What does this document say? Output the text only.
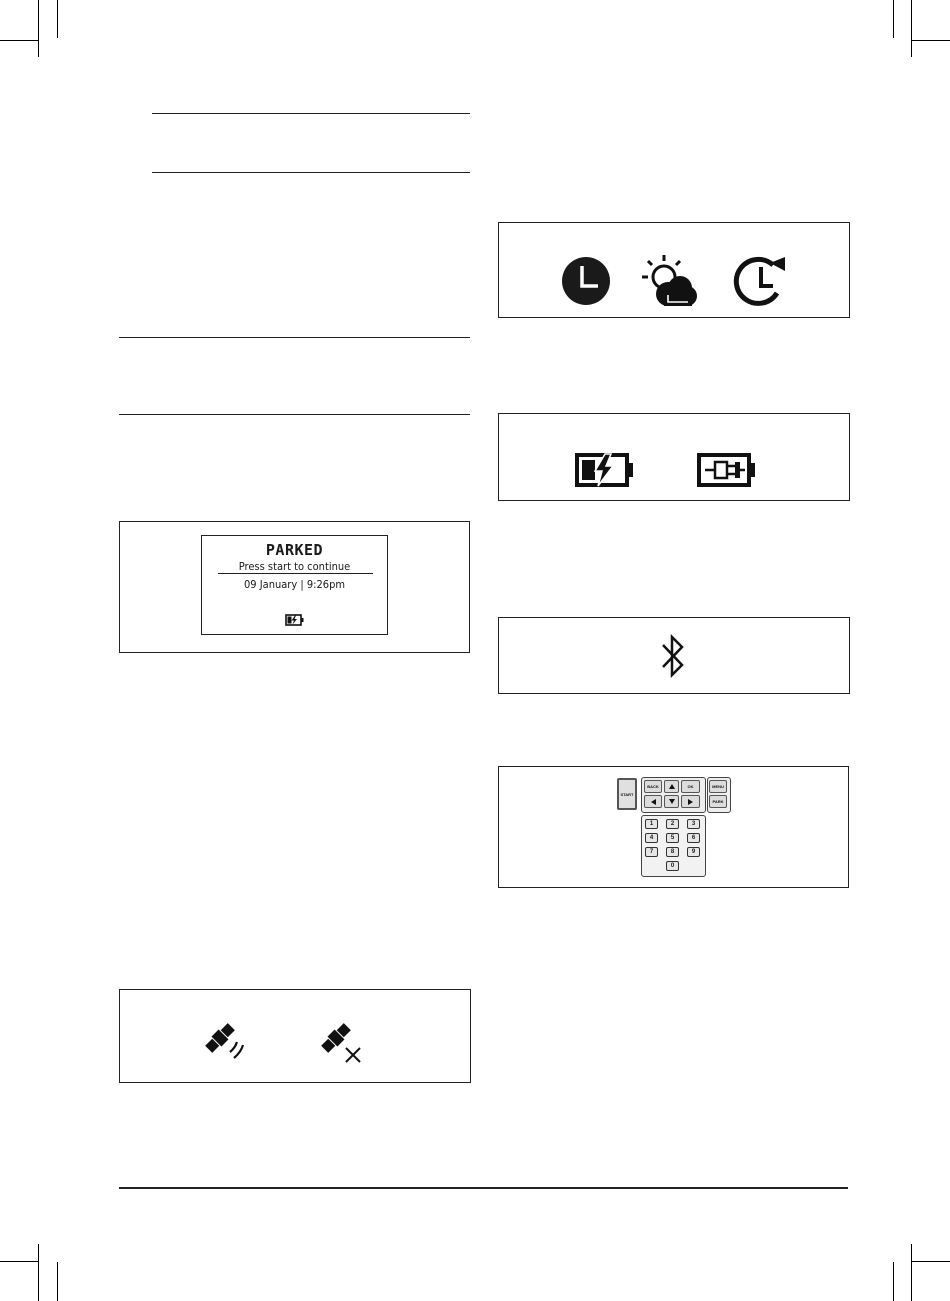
PARKED
Press start to continue
09 January | 9:26pm
START
BACK	OK	MENU
PARK
1	2	3
4	5	6
7	8	9
0
